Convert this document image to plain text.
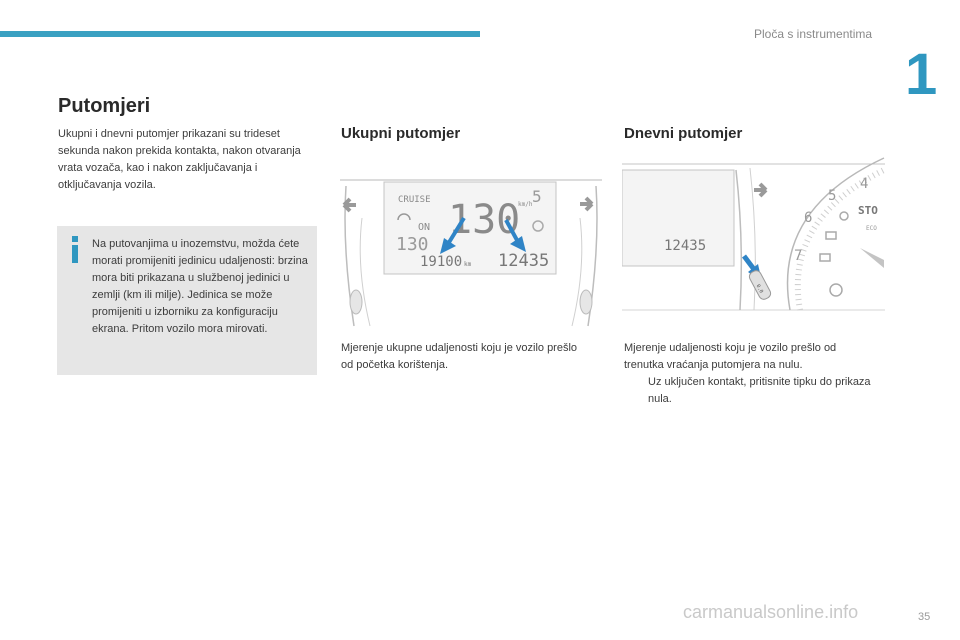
Ploča s instrumentima
1
Putomjeri
Ukupni i dnevni putomjer prikazani su trideset sekunda nakon prekida kontakta, nakon otvaranja vrata vozača, kao i nakon zaključavanja i otključavanja vozila.
Na putovanjima u inozemstvu, možda ćete morati promijeniti jedinicu udaljenosti: brzina mora biti prikazana u službenoj jedinici u zemlji (km ili milje). Jedinica se može promijeniti u izborniku za konfiguraciju ekrana. Pritom vozilo mora mirovati.
Ukupni putomjer
CRUISE
ON
130
130
km/h 5
19100 km 12435
Mjerenje ukupne udaljenosti koju je vozilo prešlo od početka korištenja.
Dnevni putomjer
12435
4
5
6
7
STO
ECO
0.0
Mjerenje udaljenosti koju je vozilo prešlo od trenutka vraćanja putomjera na nulu.
Uz uključen kontakt, pritisnite tipku do prikaza nula.
carmanualsonline.info	35
